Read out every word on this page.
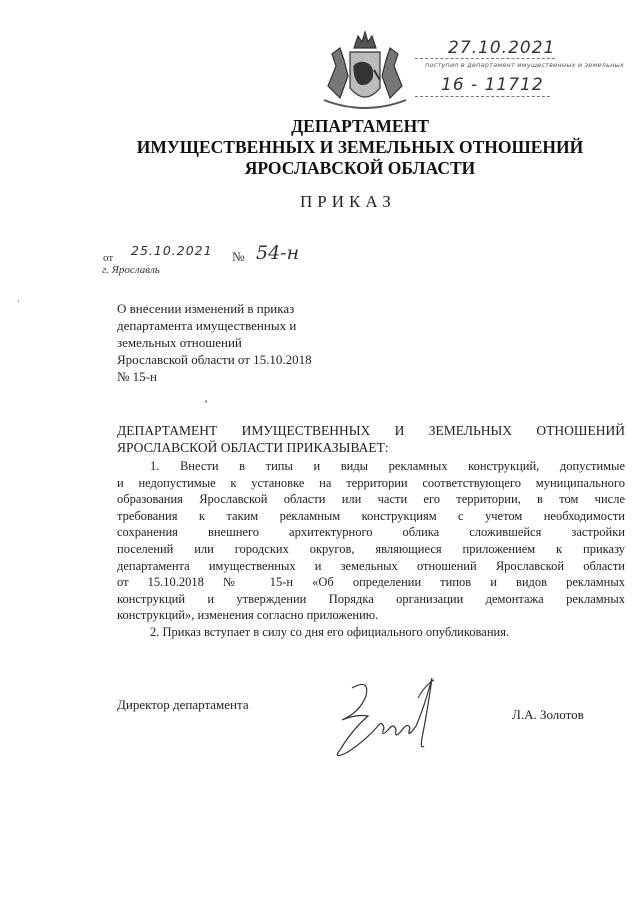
27.10.2021
поступил в департамент имущественных и земельных
16 - 11712
ДЕПАРТАМЕНТ
ИМУЩЕСТВЕННЫХ И ЗЕМЕЛЬНЫХ ОТНОШЕНИЙ
ЯРОСЛАВСКОЙ ОБЛАСТИ
ПРИКАЗ
от 25.10.2021 № 54-н
г. Ярославль
О внесении изменений в приказ
департамента имущественных и
земельных отношений
Ярославской области от 15.10.2018
№ 15-н
ДЕПАРТАМЕНТ ИМУЩЕСТВЕННЫХ И ЗЕМЕЛЬНЫХ ОТНОШЕНИЙ
ЯРОСЛАВСКОЙ ОБЛАСТИ ПРИКАЗЫВАЕТ:
1. Внести в типы и виды рекламных конструкций, допустимые
и недопустимые к установке на территории соответствующего муниципального
образования Ярославской области или части его территории, в том числе
требования к таким рекламным конструкциям с учетом необходимости
сохранения внешнего архитектурного облика сложившейся застройки
поселений или городских округов, являющиеся приложением к приказу
департамента имущественных и земельных отношений Ярославской области
от 15.10.2018 № 15-н «Об определении типов и видов рекламных
конструкций и утверждении Порядка организации демонтажа рекламных
конструкций», изменения согласно приложению.
2. Приказ вступает в силу со дня его официального опубликования.
Директор департамента
Л.А. Золотов
